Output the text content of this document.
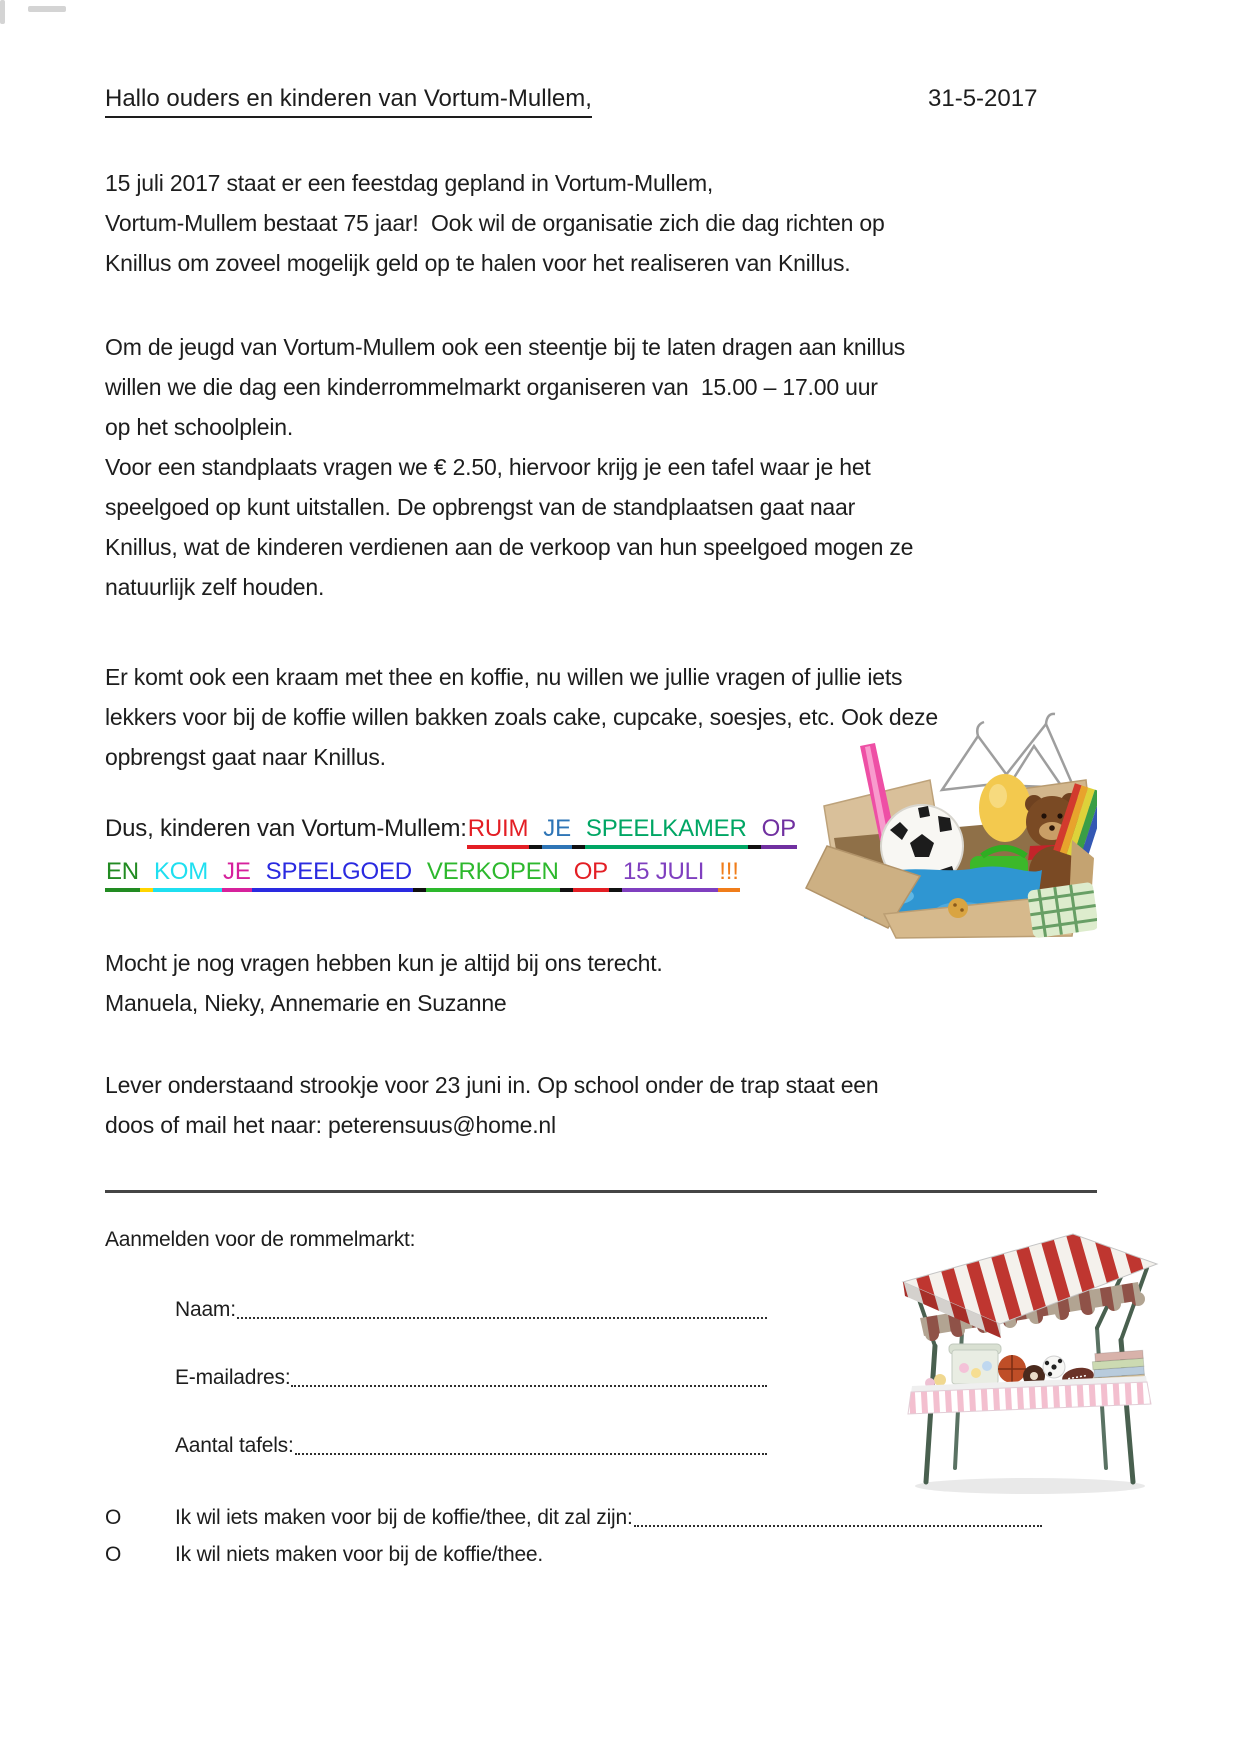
Hallo ouders en kinderen van Vortum-Mullem,	31-5-2017
15 juli 2017 staat er een feestdag gepland in Vortum-Mullem,
Vortum-Mullem bestaat 75 jaar!  Ook wil de organisatie zich die dag richten op
Knillus om zoveel mogelijk geld op te halen voor het realiseren van Knillus.
Om de jeugd van Vortum-Mullem ook een steentje bij te laten dragen aan knillus
willen we die dag een kinderrommelmarkt organiseren van  15.00 – 17.00 uur
op het schoolplein.
Voor een standplaats vragen we € 2.50, hiervoor krijg je een tafel waar je het
speelgoed op kunt uitstallen. De opbrengst van de standplaatsen gaat naar
Knillus, wat de kinderen verdienen aan de verkoop van hun speelgoed mogen ze
natuurlijk zelf houden.
Er komt ook een kraam met thee en koffie, nu willen we jullie vragen of jullie iets
lekkers voor bij de koffie willen bakken zoals cake, cupcake, soesjes, etc. Ook deze
opbrengst gaat naar Knillus.
Dus, kinderen van Vortum-Mullem:RUIM JE SPEELKAMER OP
EN KOM JE SPEELGOED VERKOPEN OP 15 JULI !!!
Mocht je nog vragen hebben kun je altijd bij ons terecht.
Manuela, Nieky, Annemarie en Suzanne
Lever onderstaand strookje voor 23 juni in. Op school onder de trap staat een
doos of mail het naar: peterensuus@home.nl
Aanmelden voor de rommelmarkt:
Naam:
E-mailadres:
Aantal tafels:
O	Ik wil iets maken voor bij de koffie/thee, dit zal zijn:
O	Ik wil niets maken voor bij de koffie/thee.
